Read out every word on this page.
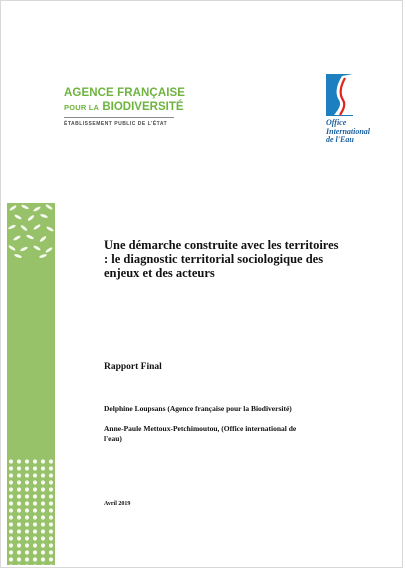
AGENCE FRANÇAISE
POUR LA BIODIVERSITÉ
ÉTABLISSEMENT PUBLIC DE L'ÉTAT	Office
International
de l'Eau
Une démarche construite avec les territoires : le diagnostic territorial sociologique des enjeux et des acteurs

Rapport Final

Delphine Loupsans (Agence française pour la Biodiversité)

Anne-Paule Mettoux-Petchimoutou, (Office international de l'eau)

Avril 2019
